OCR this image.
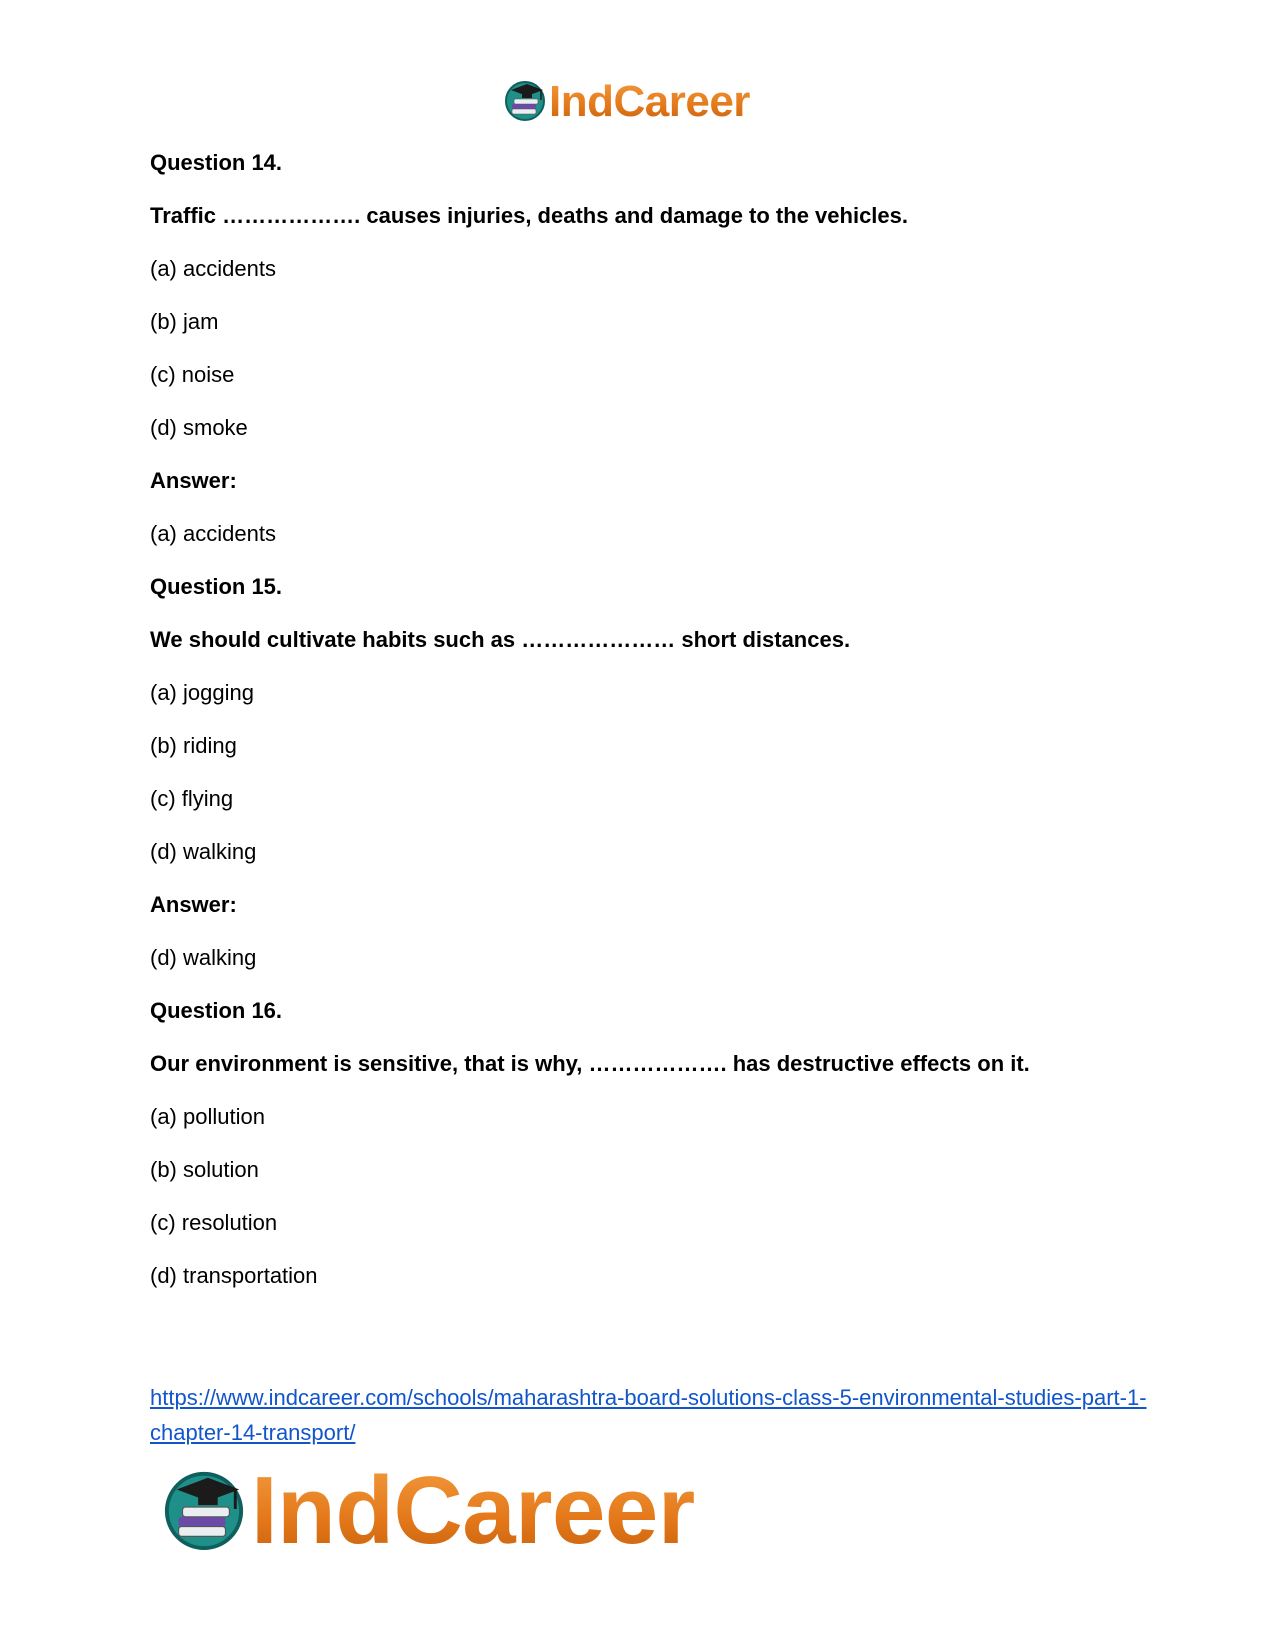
IndCareer
Question 14.
Traffic ………………. causes injuries, deaths and damage to the vehicles.
(a) accidents
(b) jam
(c) noise
(d) smoke
Answer:
(a) accidents
Question 15.
We should cultivate habits such as ………………… short distances.
(a) jogging
(b) riding
(c) flying
(d) walking
Answer:
(d) walking
Question 16.
Our environment is sensitive, that is why, ………………. has destructive effects on it.
(a) pollution
(b) solution
(c) resolution
(d) transportation
https://www.indcareer.com/schools/maharashtra-board-solutions-class-5-environmental-studies-part-1-chapter-14-transport/
IndCareer
